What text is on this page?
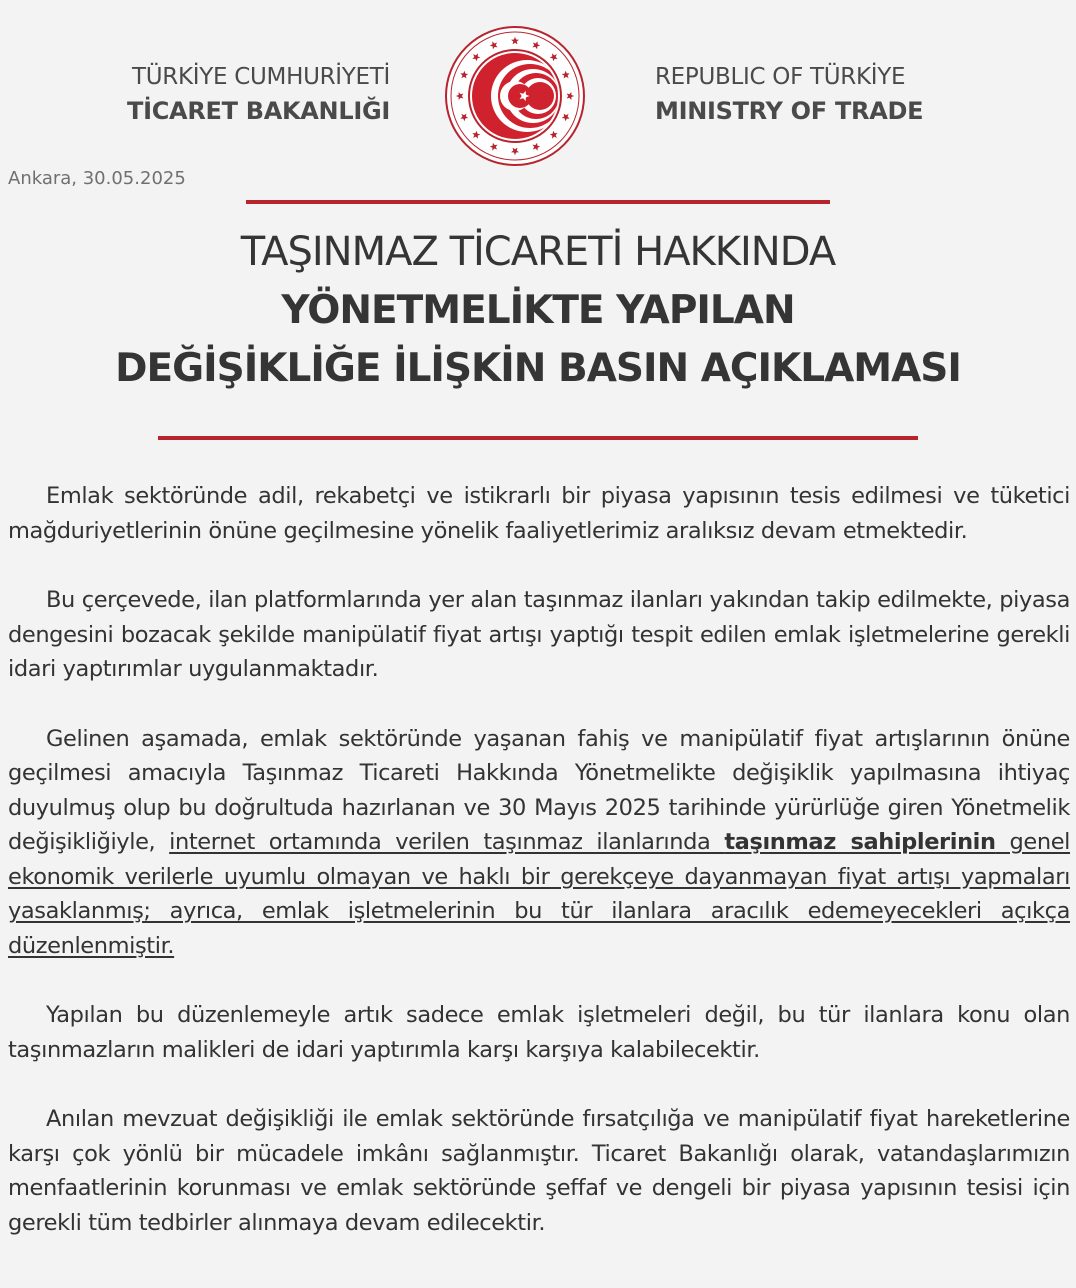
TÜRKİYE CUMHURİYETİ
TİCARET BAKANLIĞI
REPUBLIC OF TÜRKİYE
MINISTRY OF TRADE
Ankara, 30.05.2025
TAŞINMAZ TİCARETİ HAKKINDA
YÖNETMELİKTE YAPILAN
DEĞİŞİKLİĞE İLİŞKİN BASIN AÇIKLAMASI

Emlak sektöründe adil, rekabetçi ve istikrarlı bir piyasa yapısının tesis edilmesi ve tüketici mağduriyetlerinin önüne geçilmesine yönelik faaliyetlerimiz aralıksız devam etmektedir.

Bu çerçevede, ilan platformlarında yer alan taşınmaz ilanları yakından takip edilmekte, piyasa dengesini bozacak şekilde manipülatif fiyat artışı yaptığı tespit edilen emlak işletmelerine gerekli idari yaptırımlar uygulanmaktadır.

Gelinen aşamada, emlak sektöründe yaşanan fahiş ve manipülatif fiyat artışlarının önüne geçilmesi amacıyla Taşınmaz Ticareti Hakkında Yönetmelikte değişiklik yapılmasına ihtiyaç duyulmuş olup bu doğrultuda hazırlanan ve 30 Mayıs 2025 tarihinde yürürlüğe giren Yönetmelik değişikliğiyle, internet ortamında verilen taşınmaz ilanlarında taşınmaz sahiplerinin genel ekonomik verilerle uyumlu olmayan ve haklı bir gerekçeye dayanmayan fiyat artışı yapmaları yasaklanmış; ayrıca, emlak işletmelerinin bu tür ilanlara aracılık edemeyecekleri açıkça düzenlenmiştir.

Yapılan bu düzenlemeyle artık sadece emlak işletmeleri değil, bu tür ilanlara konu olan taşınmazların malikleri de idari yaptırımla karşı karşıya kalabilecektir.

Anılan mevzuat değişikliği ile emlak sektöründe fırsatçılığa ve manipülatif fiyat hareketlerine karşı çok yönlü bir mücadele imkânı sağlanmıştır. Ticaret Bakanlığı olarak, vatandaşlarımızın menfaatlerinin korunması ve emlak sektöründe şeffaf ve dengeli bir piyasa yapısının tesisi için gerekli tüm tedbirler alınmaya devam edilecektir.
